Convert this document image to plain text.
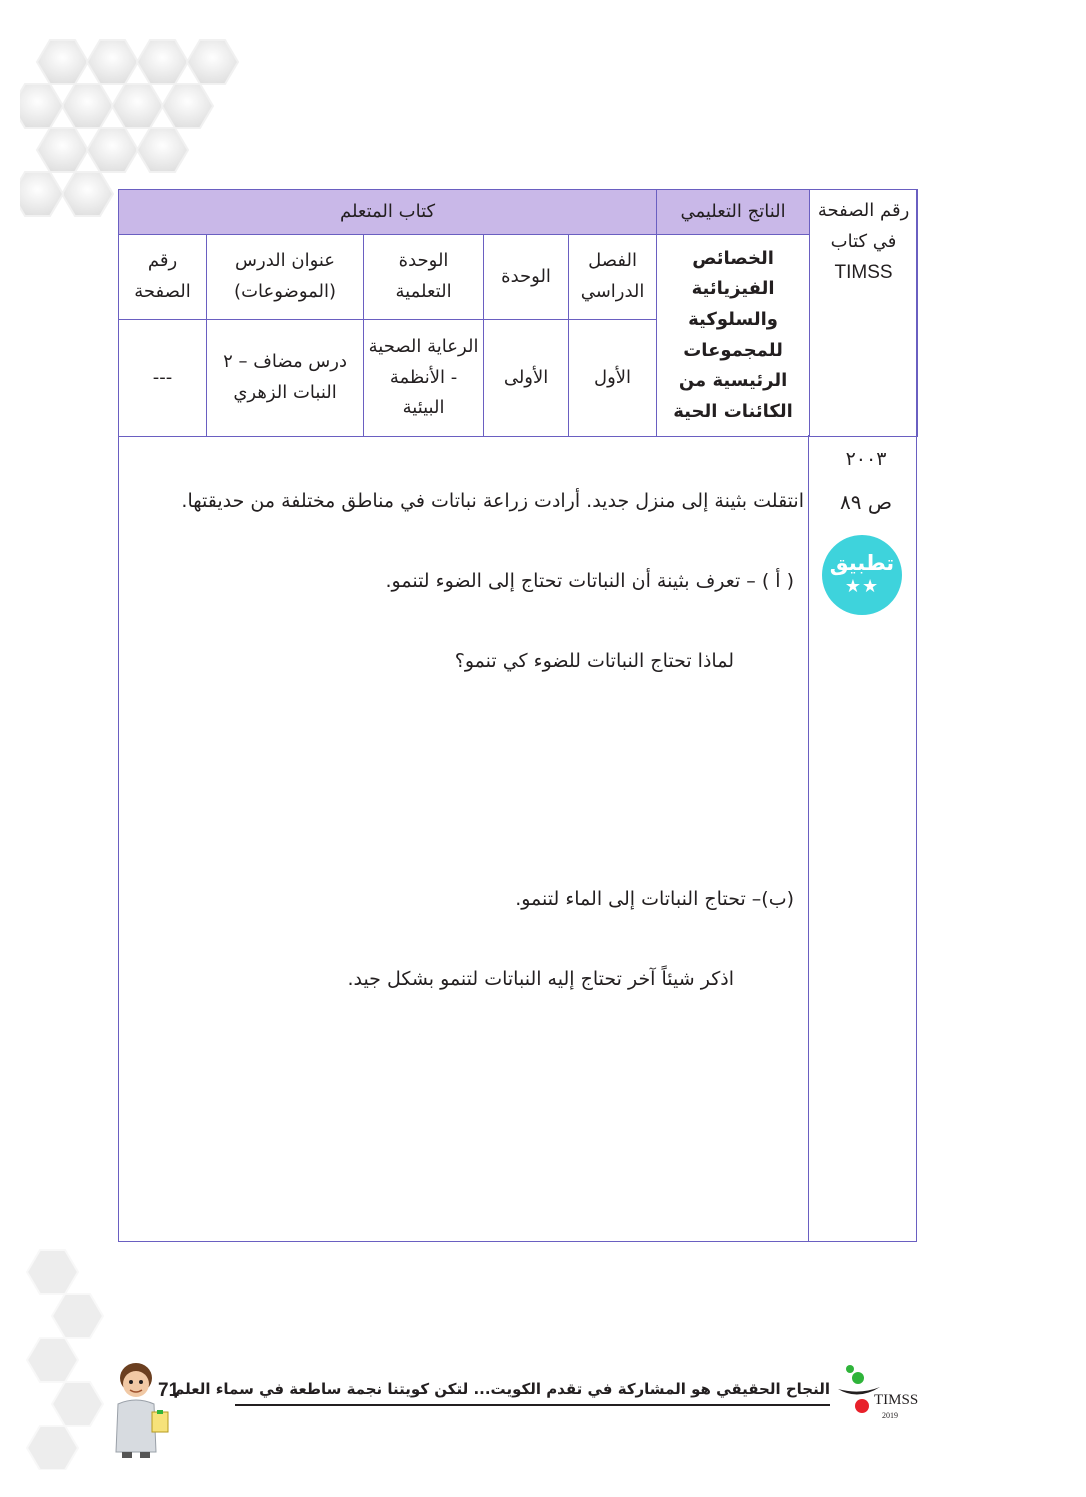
رقم الصفحة
في كتاب
TIMSS	الناتج التعليمي	كتاب المتعلم				
	الخصائص الفيزيائية والسلوكية للمجموعات الرئيسية من الكائنات الحية	الفصل الدراسي	الوحدة	الوحدة التعلمية	عنوان الدرس (الموضوعات)	رقم الصفحة
		الأول	الأولى	الرعاية الصحية - الأنظمة البيئية	درس مضاف – ٢ النبات الزهري	---
٢٠٠٣
ص ٨٩
تطبيق
★★
انتقلت بثينة إلى منزل جديد. أرادت زراعة نباتات في مناطق مختلفة من حديقتها.
( أ ) – تعرف بثينة أن النباتات تحتاج إلى الضوء لتنمو.
لماذا تحتاج النباتات للضوء كي تنمو؟
(ب)– تحتاج النباتات إلى الماء لتنمو.
اذكر شيئاً آخر تحتاج إليه النباتات لتنمو بشكل جيد.
النجاح الحقيقي هو المشاركة في تقدم الكويت... لتكن كويتنا نجمة ساطعة في سماء العلم
71	TIMSS
2019
